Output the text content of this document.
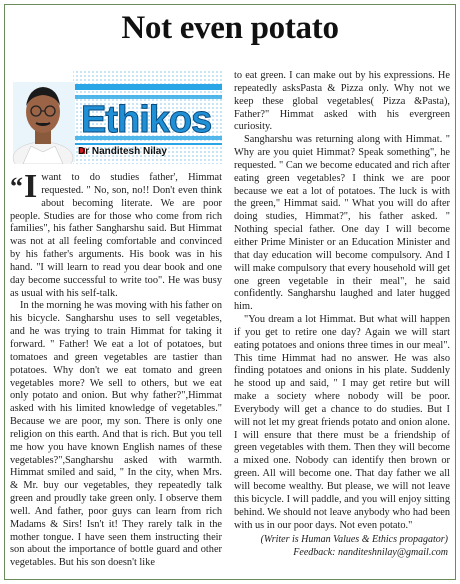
Not even potato
Ethikos
Dr Nanditesh Nilay

“I want to do studies father', Himmat requested. " No, son, no!! Don't even think about becoming literate. We are poor people. Studies are for those who come from rich families", his father Sangharshu said. But Himmat was not at all feeling comfortable and convinced by his father's arguments. His book was in his hand. "I will learn to read you dear book and one day become successful to write too". He was busy as usual with his self-talk.

In the morning he was moving with his father on his bicycle. Sangharshu uses to sell vegetables, and he was trying to train Himmat for taking it forward. " Father! We eat a lot of potatoes, but tomatoes and green vegetables are tastier than potatoes. Why don't we eat tomato and green vegetables more? We sell to others, but we eat only potato and onion. But why father?",Himmat asked with his limited knowledge of vegetables." Because we are poor, my son. There is only one religion on this earth. And that is rich. But you tell me how you have known English names of these vegetables?",Sangharshu asked with warmth. Himmat smiled and said, " In the city, when Mrs. & Mr. buy our vegetables, they repeatedly talk green and proudly take green only. I observe them well. And father, poor guys can learn from rich Madams & Sirs! Isn't it! They rarely talk in the mother tongue. I have seen them instructing their son about the importance of bottle guard and other vegetables. But his son doesn't like

to eat green. I can make out by his expressions. He repeatedly asksPasta & Pizza only. Why not we keep these global vegetables( Pizza &Pasta), Father?" Himmat asked with his evergreen curiosity.

Sangharshu was returning along with Himmat. " Why are you quiet Himmat? Speak something", he requested. " Can we become educated and rich after eating green vegetables? I think we are poor because we eat a lot of potatoes. The luck is with the green," Himmat said. " What you will do after doing studies, Himmat?", his father asked. " Nothing special father. One day I will become either Prime Minister or an Education Minister and that day education will become compulsory. And I will make compulsory that every household will get one green vegetable in their meal", he said confidently. Sangharshu laughed and later hugged him.

"You dream a lot Himmat. But what will happen if you get to retire one day? Again we will start eating potatoes and onions three times in our meal". This time Himmat had no answer. He was also finding potatoes and onions in his plate. Suddenly he stood up and said, " I may get retire but will make a society where nobody will be poor. Everybody will get a chance to do studies. But I will not let my great friends potato and onion alone. I will ensure that there must be a friendship of green vegetables with them. Then they will become a mixed one. Nobody can identify then brown or green. All will become one. That day father we all will become wealthy. But please, we will not leave this bicycle. I will paddle, and you will enjoy sitting behind. We should not leave anybody who had been with us in our poor days. Not even potato."

(Writer is Human Values & Ethics propagator)
Feedback: nanditeshnilay@gmail.com
